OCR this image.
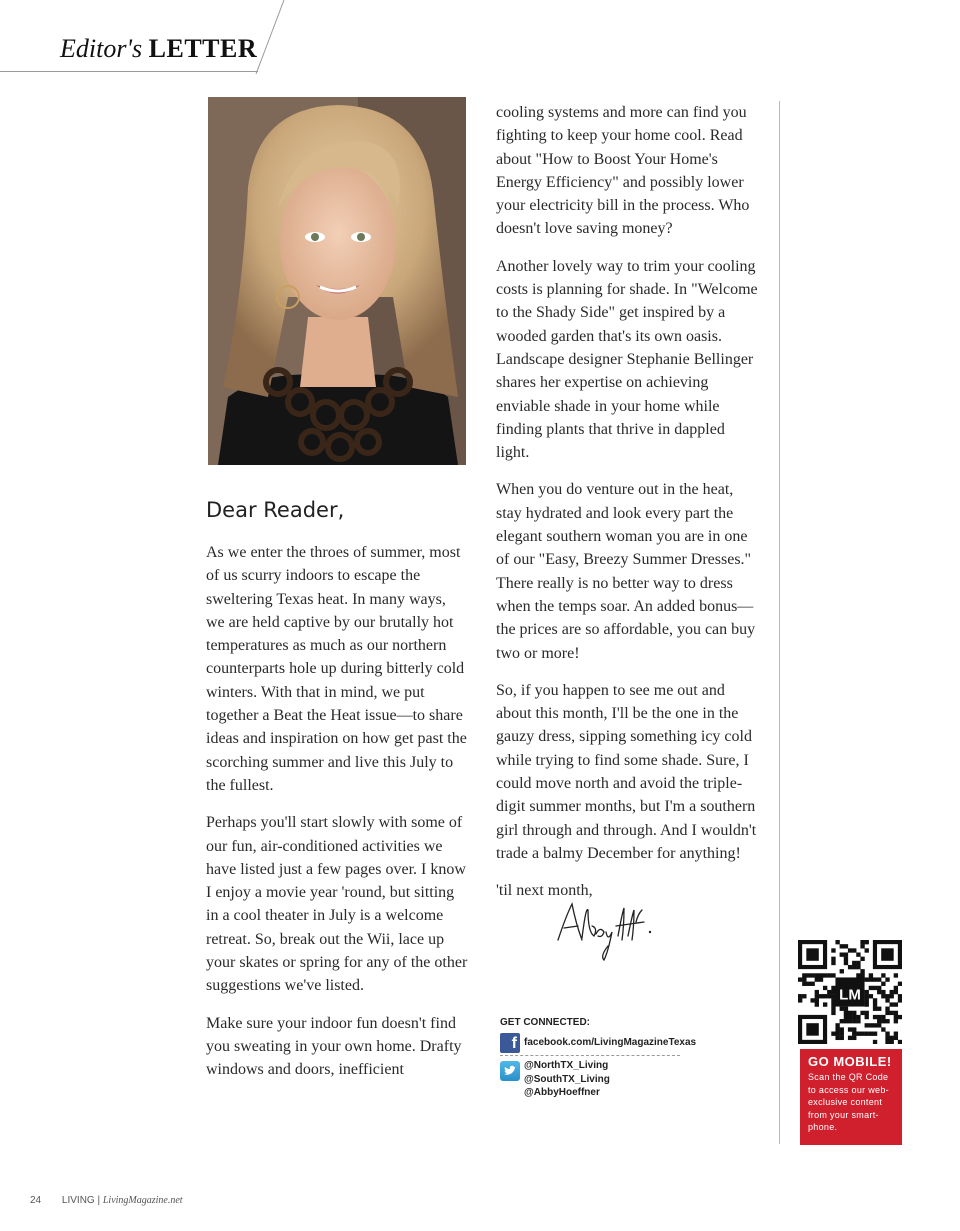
Editor's LETTER
Dear Reader,

As we enter the throes of summer, most of us scurry indoors to escape the sweltering Texas heat. In many ways, we are held captive by our brutally hot temperatures as much as our northern counterparts hole up during bitterly cold winters. With that in mind, we put together a Beat the Heat issue—to share ideas and inspiration on how get past the scorching summer and live this July to the fullest.

Perhaps you'll start slowly with some of our fun, air-conditioned activities we have listed just a few pages over. I know I enjoy a movie year 'round, but sitting in a cool theater in July is a welcome retreat. So, break out the Wii, lace up your skates or spring for any of the other suggestions we've listed.

Make sure your indoor fun doesn't find you sweating in your own home. Drafty windows and doors, inefficient

cooling systems and more can find you fighting to keep your home cool. Read about "How to Boost Your Home's Energy Efficiency" and possibly lower your electricity bill in the process. Who doesn't love saving money?

Another lovely way to trim your cooling costs is planning for shade. In "Welcome to the Shady Side" get inspired by a wooded garden that's its own oasis. Landscape designer Stephanie Bellinger shares her expertise on achieving enviable shade in your home while finding plants that thrive in dappled light.

When you do venture out in the heat, stay hydrated and look every part the elegant southern woman you are in one of our "Easy, Breezy Summer Dresses." There really is no better way to dress when the temps soar. An added bonus—the prices are so affordable, you can buy two or more!

So, if you happen to see me out and about this month, I'll be the one in the gauzy dress, sipping something icy cold while trying to find some shade. Sure, I could move north and avoid the triple-digit summer months, but I'm a southern girl through and through. And I wouldn't trade a balmy December for anything!

'til next month,

GET CONNECTED:
f facebook.com/LivingMagazineTexas
@NorthTX_Living
@SouthTX_Living
@AbbyHoeffner
LM
GO MOBILE!
Scan the QR Code to access our web-exclusive content from your smart-phone.
24 LIVING | LivingMagazine.net
